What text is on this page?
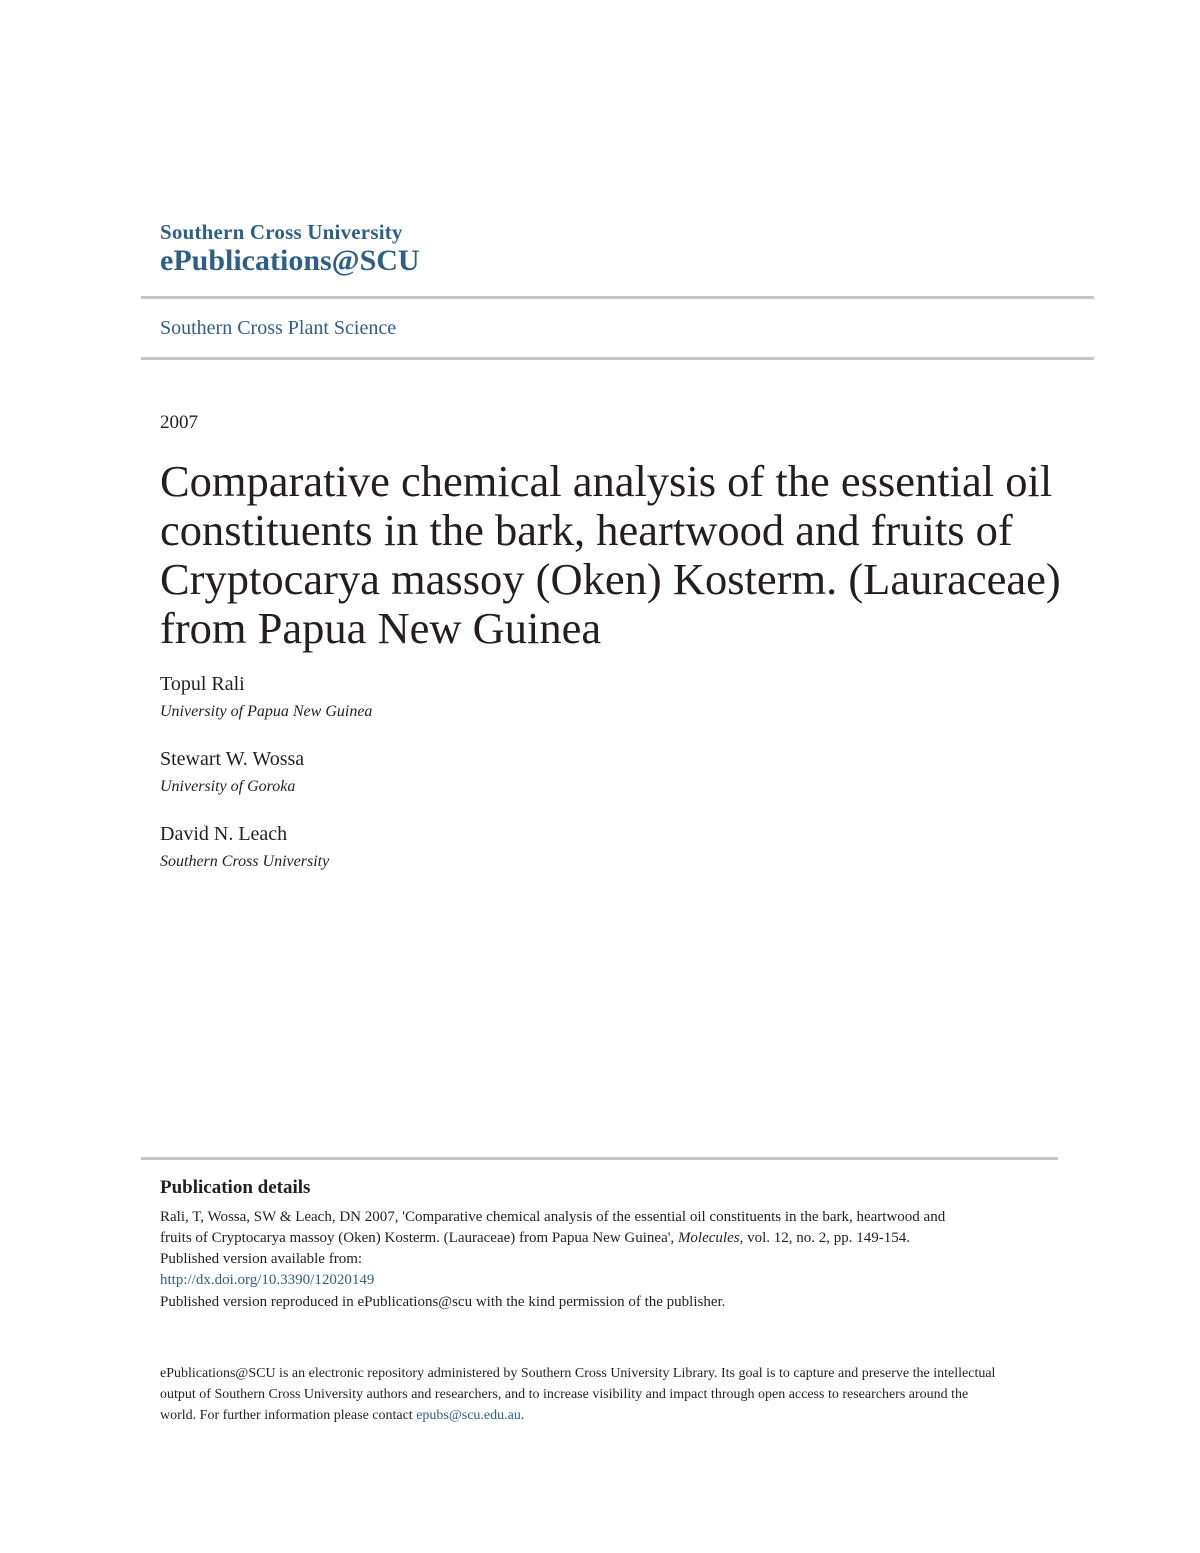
Southern Cross University
ePublications@SCU
Southern Cross Plant Science
2007
Comparative chemical analysis of the essential oil constituents in the bark, heartwood and fruits of Cryptocarya massoy (Oken) Kosterm. (Lauraceae) from Papua New Guinea
Topul Rali
University of Papua New Guinea
Stewart W. Wossa
University of Goroka
David N. Leach
Southern Cross University
Publication details
Rali, T, Wossa, SW & Leach, DN 2007, 'Comparative chemical analysis of the essential oil constituents in the bark, heartwood and
fruits of Cryptocarya massoy (Oken) Kosterm. (Lauraceae) from Papua New Guinea', Molecules, vol. 12, no. 2, pp. 149-154.
Published version available from:
http://dx.doi.org/10.3390/12020149
Published version reproduced in ePublications@scu with the kind permission of the publisher.
ePublications@SCU is an electronic repository administered by Southern Cross University Library. Its goal is to capture and preserve the intellectual
output of Southern Cross University authors and researchers, and to increase visibility and impact through open access to researchers around the
world. For further information please contact epubs@scu.edu.au.
